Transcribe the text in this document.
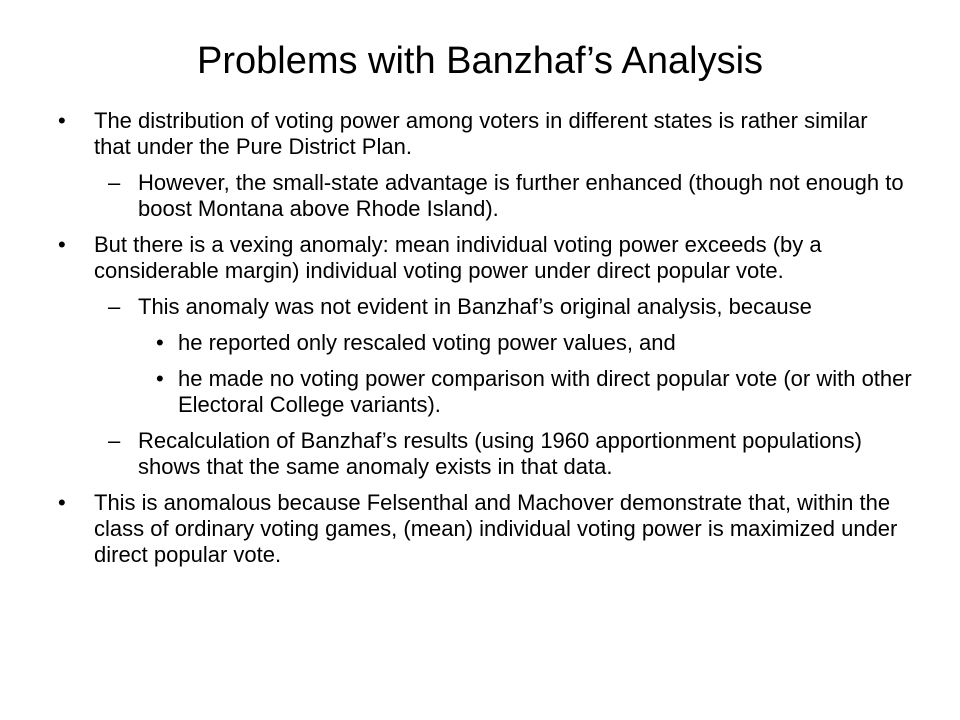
Problems with Banzhaf’s Analysis
• The distribution of voting power among voters in different states is rather similar that under the Pure District Plan.
– However, the small-state advantage is further enhanced (though not enough to boost Montana above Rhode Island).
• But there is a vexing anomaly: mean individual voting power exceeds (by a considerable margin) individual voting power under direct popular vote.
– This anomaly was not evident in Banzhaf’s original analysis, because
• he reported only rescaled voting power values, and
• he made no voting power comparison with direct popular vote (or with other Electoral College variants).
– Recalculation of Banzhaf’s results (using 1960 apportionment populations) shows that the same anomaly exists in that data.
• This is anomalous because Felsenthal and Machover demonstrate that, within the class of ordinary voting games, (mean) individual voting power is maximized under direct popular vote.
